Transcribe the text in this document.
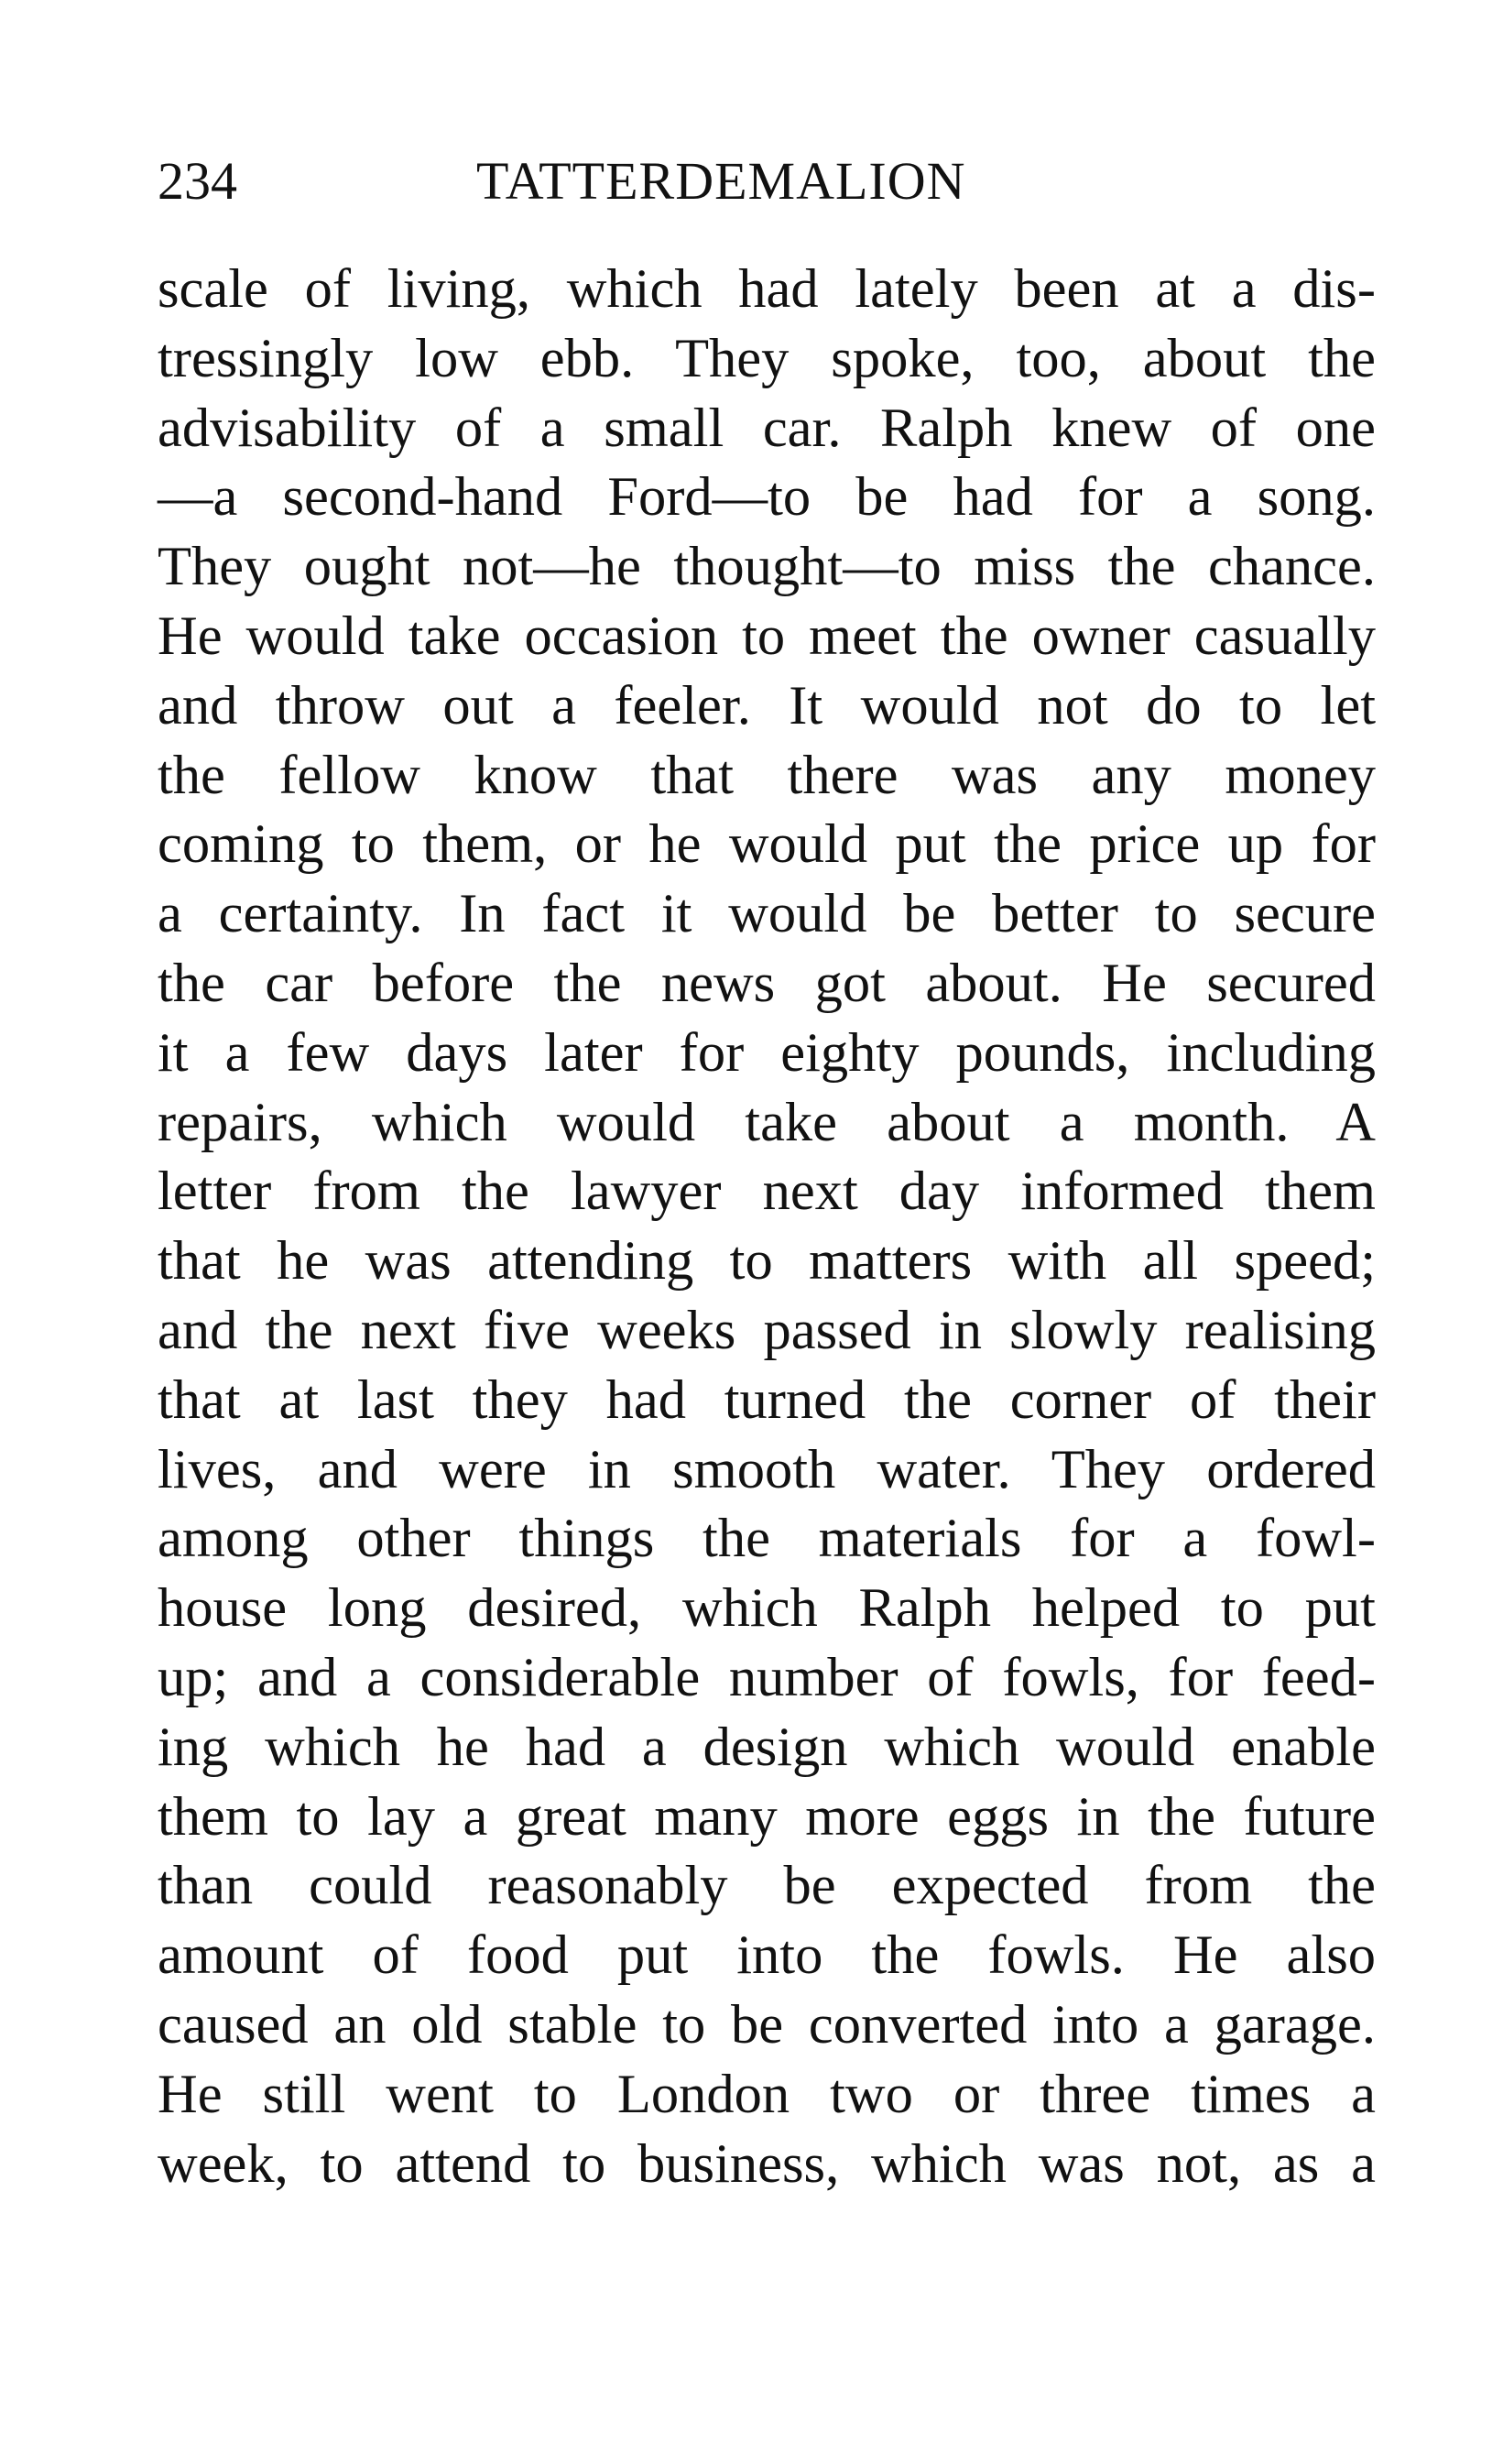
234	TATTERDEMALION
scale of living, which had lately been at a dis-
tressingly low ebb. They spoke, too, about the
advisability of a small car. Ralph knew of one
—a second-hand Ford—to be had for a song.
They ought not—he thought—to miss the chance.
He would take occasion to meet the owner casually
and throw out a feeler. It would not do to let
the fellow know that there was any money
coming to them, or he would put the price up for
a certainty. In fact it would be better to secure
the car before the news got about. He secured
it a few days later for eighty pounds, including
repairs, which would take about a month. A
letter from the lawyer next day informed them
that he was attending to matters with all speed;
and the next five weeks passed in slowly realising
that at last they had turned the corner of their
lives, and were in smooth water. They ordered
among other things the materials for a fowl-
house long desired, which Ralph helped to put
up; and a considerable number of fowls, for feed-
ing which he had a design which would enable
them to lay a great many more eggs in the future
than could reasonably be expected from the
amount of food put into the fowls. He also
caused an old stable to be converted into a garage.
He still went to London two or three times a
week, to attend to business, which was not, as a
